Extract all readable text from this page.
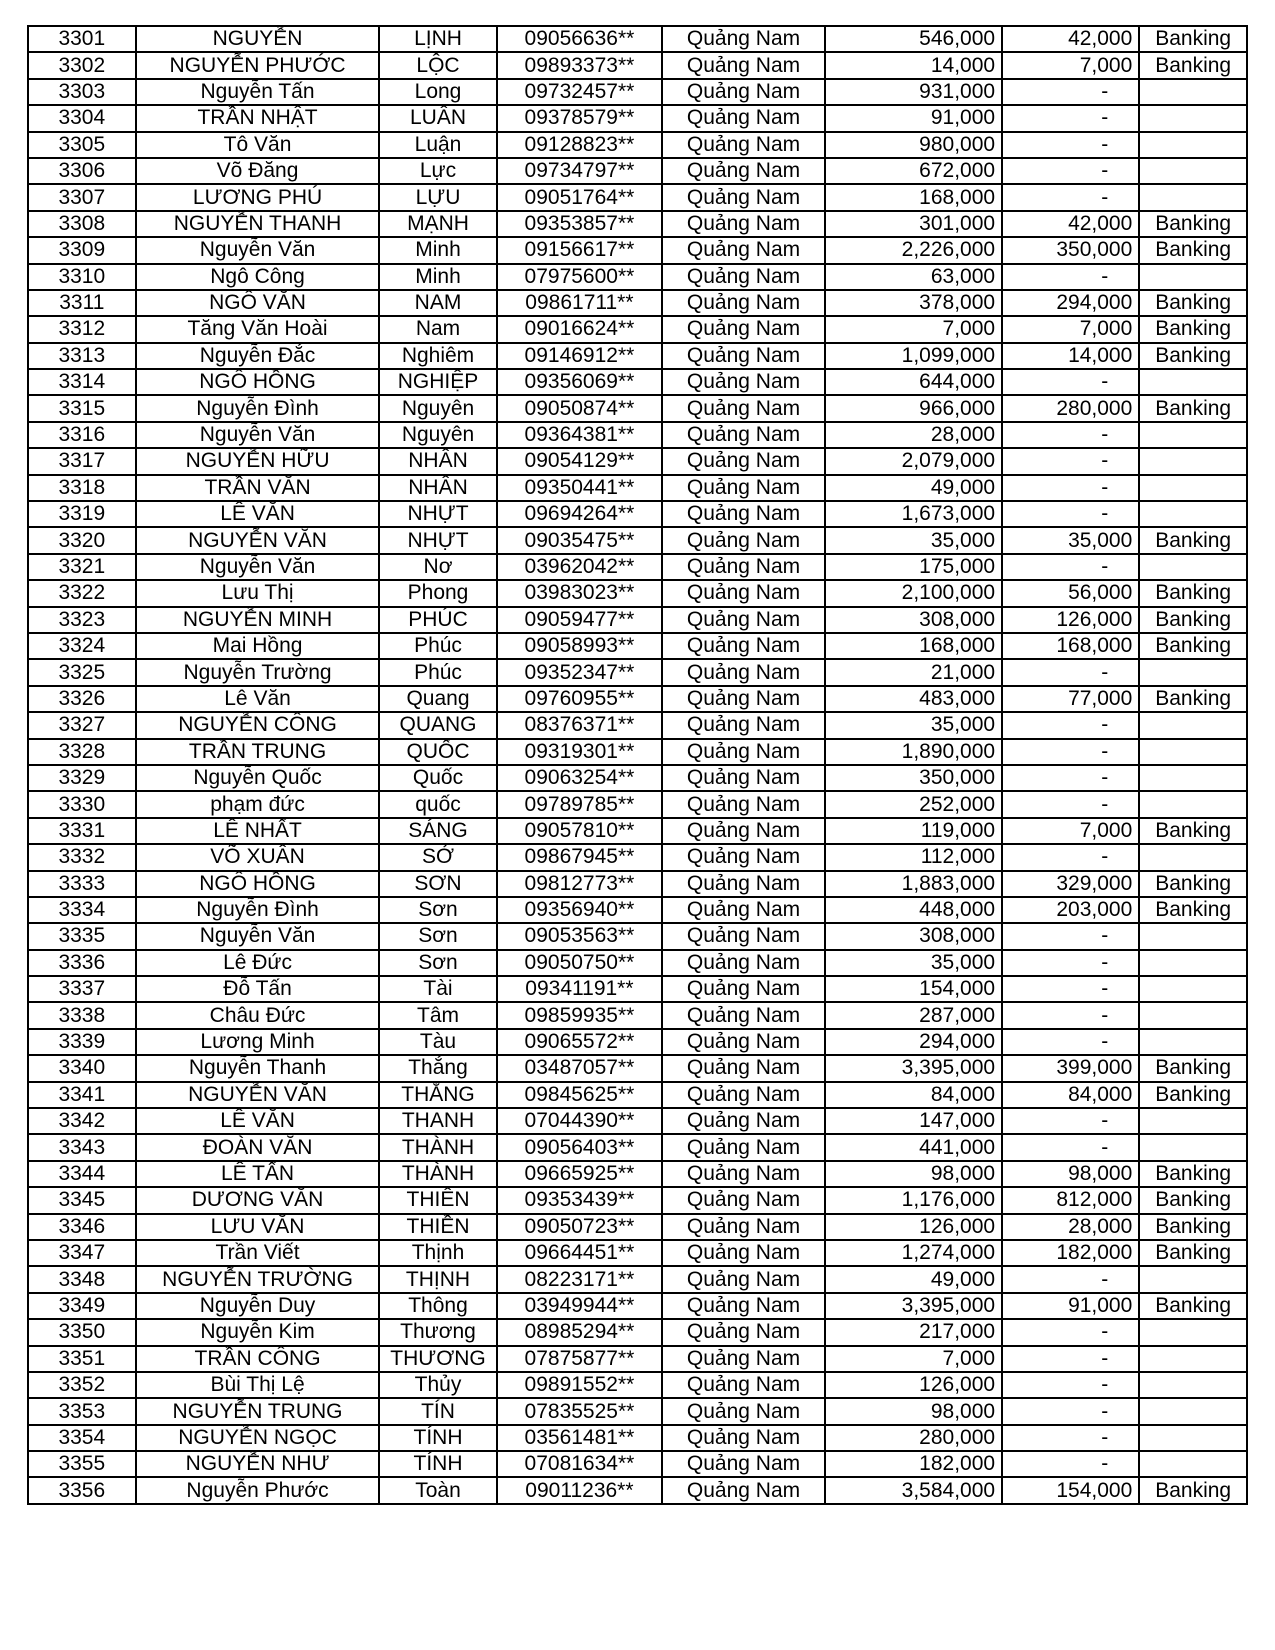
3301	NGUYỄN	LỊNH	09056636**	Quảng Nam	546,000	42,000	Banking
3302	NGUYỄN PHƯỚC	LỘC	09893373**	Quảng Nam	14,000	7,000	Banking
3303	Nguyễn Tấn	Long	09732457**	Quảng Nam	931,000	-	
3304	TRẦN NHẬT	LUÂN	09378579**	Quảng Nam	91,000	-	
3305	Tô Văn	Luận	09128823**	Quảng Nam	980,000	-	
3306	Võ Đăng	Lực	09734797**	Quảng Nam	672,000	-	
3307	LƯƠNG PHÚ	LỰU	09051764**	Quảng Nam	168,000	-	
3308	NGUYỄN THANH	MẠNH	09353857**	Quảng Nam	301,000	42,000	Banking
3309	Nguyễn Văn	Minh	09156617**	Quảng Nam	2,226,000	350,000	Banking
3310	Ngô Công	Minh	07975600**	Quảng Nam	63,000	-	
3311	NGÔ VĂN	NAM	09861711**	Quảng Nam	378,000	294,000	Banking
3312	Tăng Văn Hoài	Nam	09016624**	Quảng Nam	7,000	7,000	Banking
3313	Nguyễn Đắc	Nghiêm	09146912**	Quảng Nam	1,099,000	14,000	Banking
3314	NGÔ HỒNG	NGHIỆP	09356069**	Quảng Nam	644,000	-	
3315	Nguyễn Đình	Nguyên	09050874**	Quảng Nam	966,000	280,000	Banking
3316	Nguyễn Văn	Nguyên	09364381**	Quảng Nam	28,000	-	
3317	NGUYỄN HỮU	NHÂN	09054129**	Quảng Nam	2,079,000	-	
3318	TRẦN VĂN	NHÂN	09350441**	Quảng Nam	49,000	-	
3319	LÊ VĂN	NHỰT	09694264**	Quảng Nam	1,673,000	-	
3320	NGUYỄN VĂN	NHỰT	09035475**	Quảng Nam	35,000	35,000	Banking
3321	Nguyễn Văn	Nơ	03962042**	Quảng Nam	175,000	-	
3322	Lưu Thị	Phong	03983023**	Quảng Nam	2,100,000	56,000	Banking
3323	NGUYỄN MINH	PHÚC	09059477**	Quảng Nam	308,000	126,000	Banking
3324	Mai Hồng	Phúc	09058993**	Quảng Nam	168,000	168,000	Banking
3325	Nguyễn Trường	Phúc	09352347**	Quảng Nam	21,000	-	
3326	Lê Văn	Quang	09760955**	Quảng Nam	483,000	77,000	Banking
3327	NGUYỄN CÔNG	QUANG	08376371**	Quảng Nam	35,000	-	
3328	TRẦN TRUNG	QUỐC	09319301**	Quảng Nam	1,890,000	-	
3329	Nguyễn Quốc	Quốc	09063254**	Quảng Nam	350,000	-	
3330	phạm đức	quốc	09789785**	Quảng Nam	252,000	-	
3331	LÊ NHẤT	SÁNG	09057810**	Quảng Nam	119,000	7,000	Banking
3332	VÕ XUÂN	SỞ	09867945**	Quảng Nam	112,000	-	
3333	NGÔ HỒNG	SƠN	09812773**	Quảng Nam	1,883,000	329,000	Banking
3334	Nguyễn Đình	Sơn	09356940**	Quảng Nam	448,000	203,000	Banking
3335	Nguyễn Văn	Sơn	09053563**	Quảng Nam	308,000	-	
3336	Lê Đức	Sơn	09050750**	Quảng Nam	35,000	-	
3337	Đỗ Tấn	Tài	09341191**	Quảng Nam	154,000	-	
3338	Châu Đức	Tâm	09859935**	Quảng Nam	287,000	-	
3339	Lương Minh	Tàu	09065572**	Quảng Nam	294,000	-	
3340	Nguyễn Thanh	Thắng	03487057**	Quảng Nam	3,395,000	399,000	Banking
3341	NGUYỄN VĂN	THẮNG	09845625**	Quảng Nam	84,000	84,000	Banking
3342	LÊ VĂN	THANH	07044390**	Quảng Nam	147,000	-	
3343	ĐOÀN VĂN	THÀNH	09056403**	Quảng Nam	441,000	-	
3344	LÊ TẤN	THÀNH	09665925**	Quảng Nam	98,000	98,000	Banking
3345	DƯƠNG VĂN	THIÊN	09353439**	Quảng Nam	1,176,000	812,000	Banking
3346	LƯU VĂN	THIỀN	09050723**	Quảng Nam	126,000	28,000	Banking
3347	Trần Viết	Thịnh	09664451**	Quảng Nam	1,274,000	182,000	Banking
3348	NGUYỄN TRƯỜNG	THỊNH	08223171**	Quảng Nam	49,000	-	
3349	Nguyễn Duy	Thông	03949944**	Quảng Nam	3,395,000	91,000	Banking
3350	Nguyễn Kim	Thương	08985294**	Quảng Nam	217,000	-	
3351	TRẦN CÔNG	THƯƠNG	07875877**	Quảng Nam	7,000	-	
3352	Bùi Thị Lệ	Thủy	09891552**	Quảng Nam	126,000	-	
3353	NGUYỄN TRUNG	TÍN	07835525**	Quảng Nam	98,000	-	
3354	NGUYỄN NGỌC	TÍNH	03561481**	Quảng Nam	280,000	-	
3355	NGUYỄN NHƯ	TÍNH	07081634**	Quảng Nam	182,000	-	
3356	Nguyễn Phước	Toàn	09011236**	Quảng Nam	3,584,000	154,000	Banking
